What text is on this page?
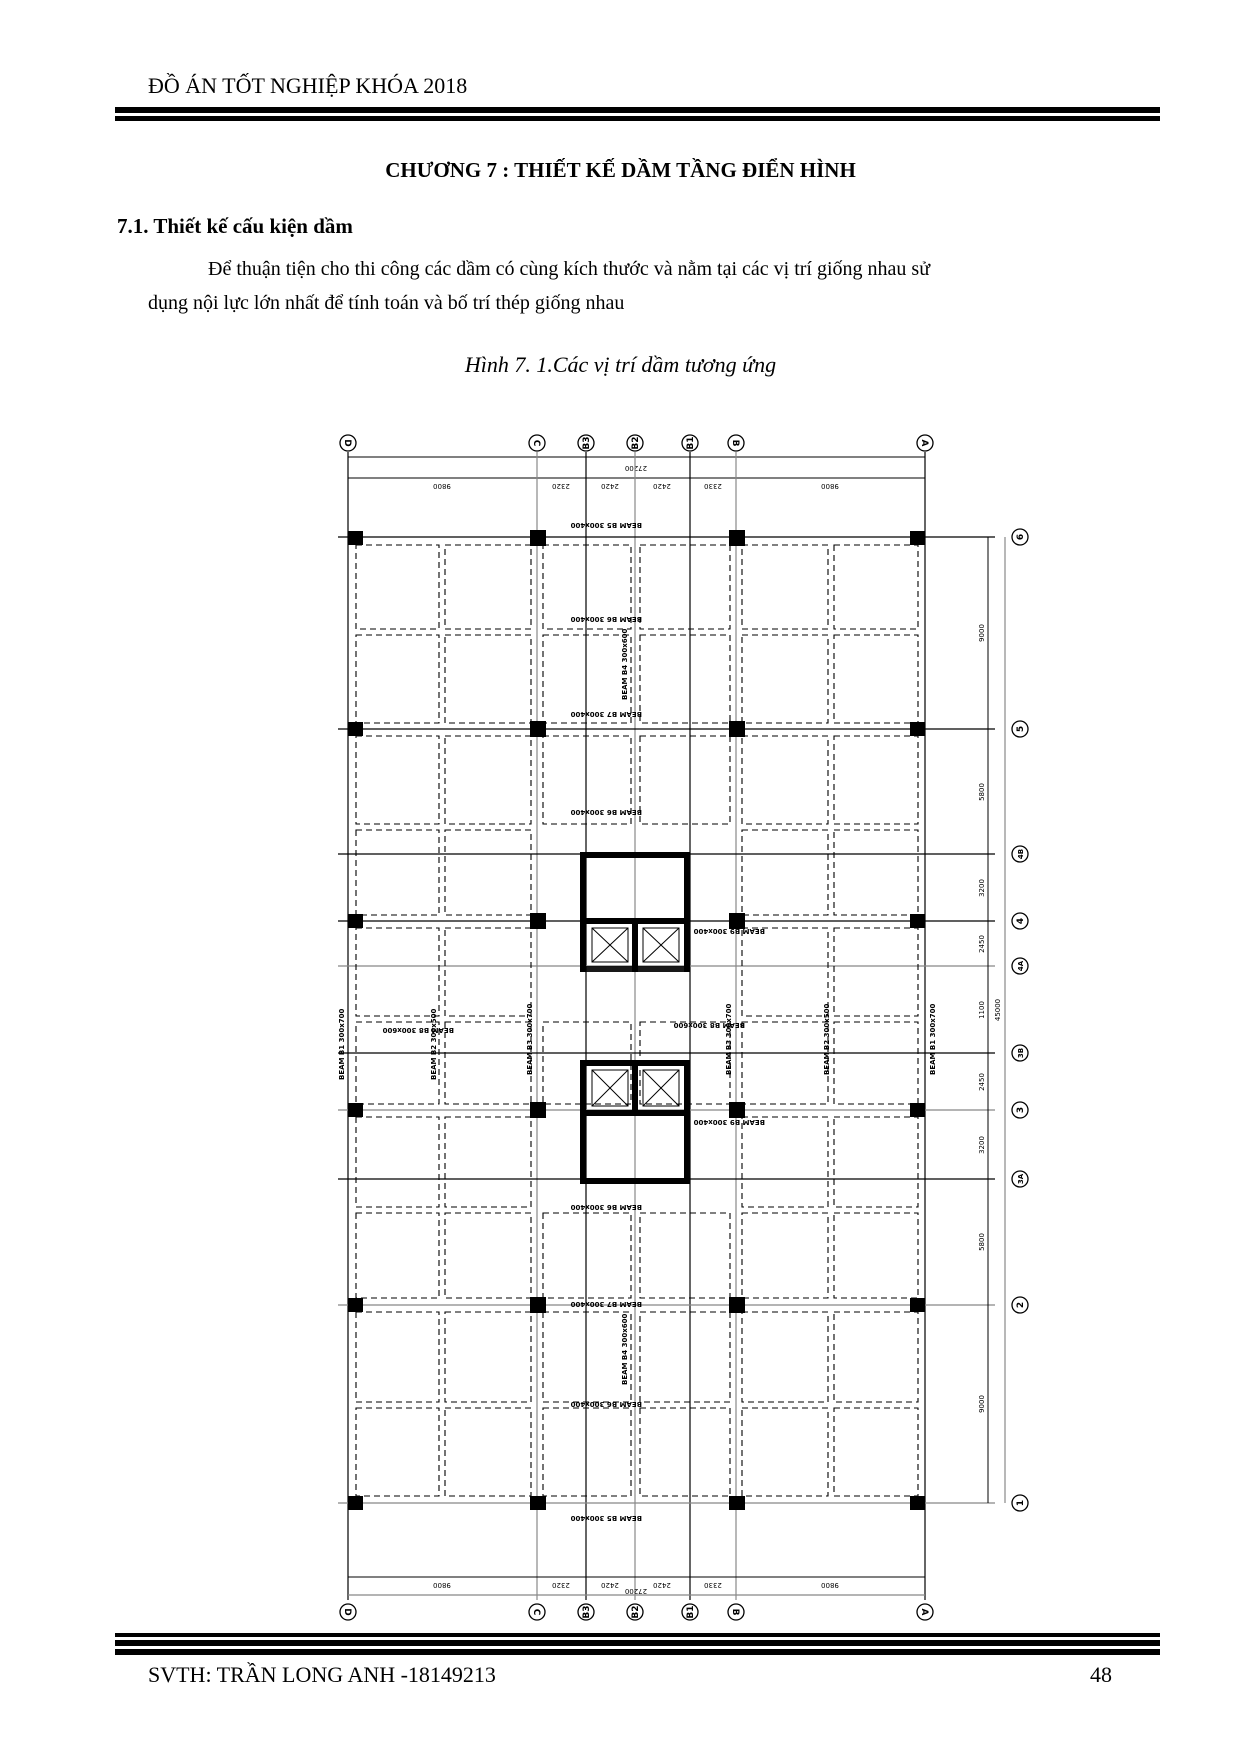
ĐỒ ÁN TỐT NGHIỆP KHÓA 2018
CHƯƠNG 7 : THIẾT KẾ DẦM TẦNG ĐIỂN HÌNH
7.1. Thiết kế cấu kiện dầm
Để thuận tiện cho thi công các dầm có cùng kích thước và nằm tại các vị trí giống nhau sử
dụng nội lực lớn nhất để tính toán và bố trí thép giống nhau
Hình 7. 1.Các vị trí dầm tương ứng
D	C	B3	B2	B1	B	A
27200
9800	2320	2420	2420	2330	9800
BEAM B5 300x400
BEAM B6 300x400
BEAM B4 300x600
BEAM B7 300x400
BEAM B6 300x400
BEAM B9 300x400
BEAM B8 300x600
BEAM B9 300x400
BEAM B8 300x600
BEAM B1 300x700	BEAM B2 300x500	BEAM B3 300x700	BEAM B3 300x700	BEAM B2 300x500	BEAM B1 300x700
BEAM B6 300x400
BEAM B4 300x600
BEAM B7 300x400
BEAM B6 300x400
BEAM B5 300x400
9000
5800
3200
2450
1100 45000
2450
3200
5800
9000
6
5
4B
4
4A
3B
3
3A
2
1
9800	2320	2420	2420	2330	9800
27200
D	C	B3	B2	B1	B	A
SVTH: TRẦN LONG ANH -18149213	48
